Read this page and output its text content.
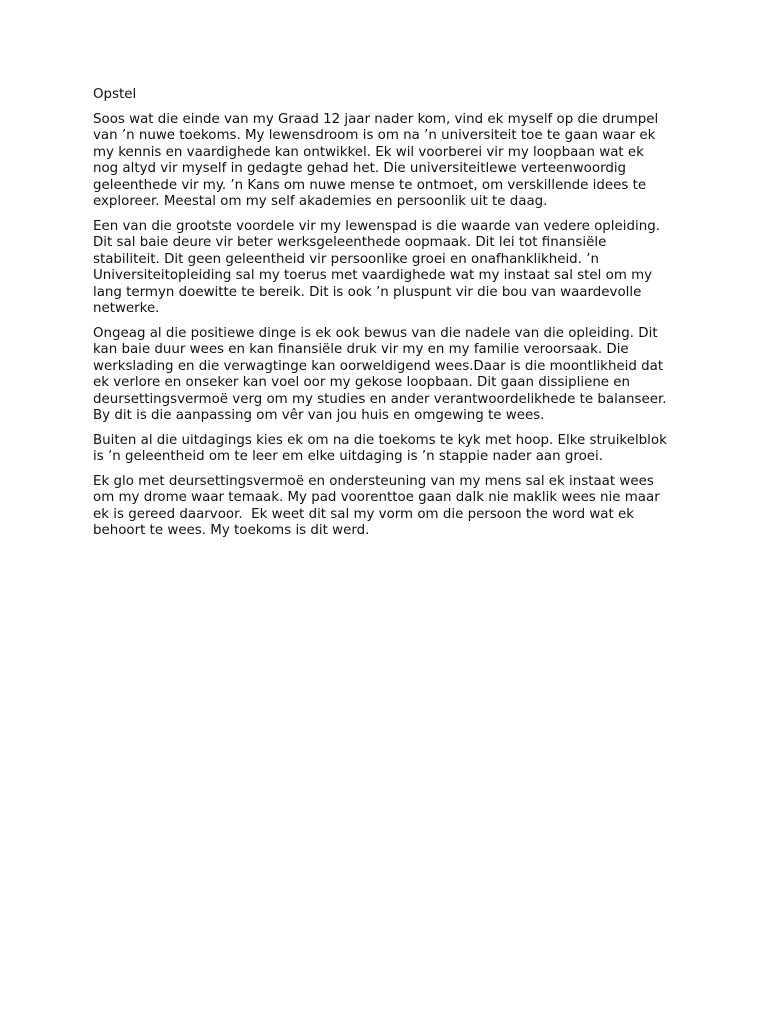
Opstel

Soos wat die einde van my Graad 12 jaar nader kom, vind ek myself op die drumpel van ’n nuwe toekoms. My lewensdroom is om na ’n universiteit toe te gaan waar ek my kennis en vaardighede kan ontwikkel. Ek wil voorberei vir my loopbaan wat ek nog altyd vir myself in gedagte gehad het. Die universiteitlewe verteenwoordig geleenthede vir my. ’n Kans om nuwe mense te ontmoet, om verskillende idees te exploreer. Meestal om my self akademies en persoonlik uit te daag.

Een van die grootste voordele vir my lewenspad is die waarde van vedere opleiding. Dit sal baie deure vir beter werksgeleenthede oopmaak. Dit lei tot finansiële stabiliteit. Dit geen geleentheid vir persoonlike groei en onafhanklikheid. ’n Universiteitopleiding sal my toerus met vaardighede wat my instaat sal stel om my lang termyn doewitte te bereik. Dit is ook ’n pluspunt vir die bou van waardevolle netwerke.

Ongeag al die positiewe dinge is ek ook bewus van die nadele van die opleiding. Dit kan baie duur wees en kan finansiële druk vir my en my familie veroorsaak. Die werkslading en die verwagtinge kan oorweldigend wees.Daar is die moontlikheid dat ek verlore en onseker kan voel oor my gekose loopbaan. Dit gaan dissipliene en deursettingsvermoë verg om my studies en ander verantwoordelikhede te balanseer. By dit is die aanpassing om vêr van jou huis en omgewing te wees.

Buiten al die uitdagings kies ek om na die toekoms te kyk met hoop. Elke struikelblok is ’n geleentheid om te leer em elke uitdaging is ’n stappie nader aan groei.

Ek glo met deursettingsvermoë en ondersteuning van my mens sal ek instaat wees om my drome waar temaak. My pad voorenttoe gaan dalk nie maklik wees nie maar ek is gereed daarvoor.  Ek weet dit sal my vorm om die persoon the word wat ek behoort te wees. My toekoms is dit werd.
